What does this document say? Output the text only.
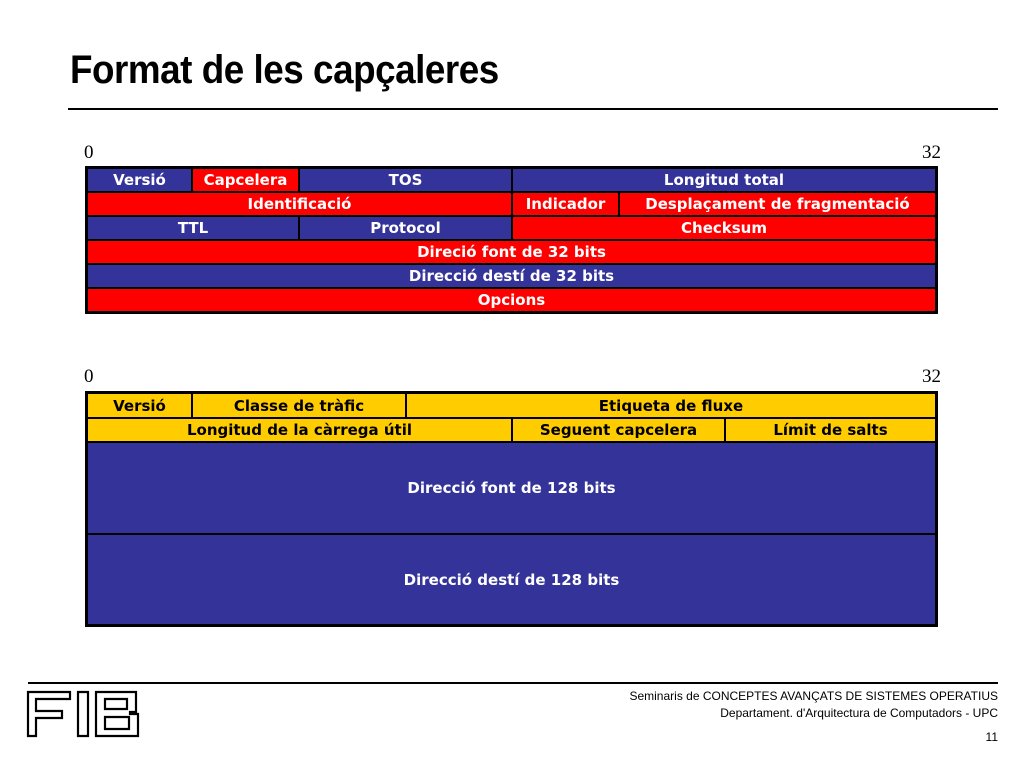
Format de les capçaleres
0	32
Versió	Capcelera	TOS	Longitud total
Identificació	Indicador	Desplaçament de fragmentació
TTL	Protocol	Checksum
Direció font de 32 bits
Direcció destí de 32 bits
Opcions
0	32
Versió	Classe de tràfic	Etiqueta de fluxe
Longitud de la càrrega útil	Seguent capcelera	Límit de salts
Direcció font de 128 bits
Direcció destí de 128 bits
Seminaris de CONCEPTES AVANÇATS DE SISTEMES OPERATIUS
Departament. d'Arquitectura de Computadors - UPC
11
